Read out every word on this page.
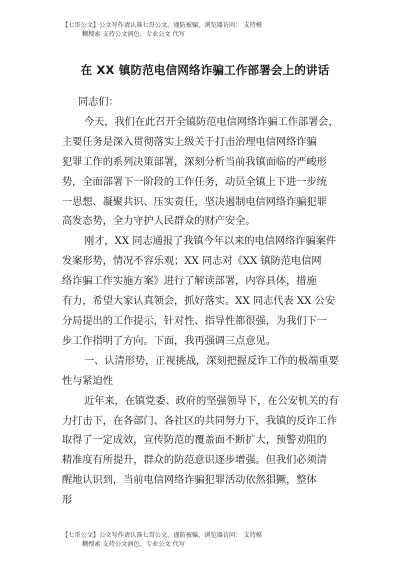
【七哥公文】公文写作请认准七哥公文，谨防被骗，浏览器访问： 支持模
糊搜索 支持公文润色、专业公文 代写
在 XX 镇防范电信网络诈骗工作部署会上的讲话

同志们：

今天，我们在此召开全镇防范电信网络诈骗工作部署会，
主要任务是深入贯彻落实上级关于打击治理电信网络诈骗
犯罪工作的系列决策部署，深刻分析当前我镇面临的严峻形
势，全面部署下一阶段的工作任务，动员全镇上下进一步统
一思想、凝聚共识、压实责任，坚决遏制电信网络诈骗犯罪
高发态势，全力守护人民群众的财产安全。

刚才，XX 同志通报了我镇今年以来的电信网络诈骗案件
发案形势，情况不容乐观；XX 同志对《XX 镇防范电信网
络诈骗工作实施方案》进行了解读部署，内容具体，措施
有力，希望大家认真领会，抓好落实。XX 同志代表 XX 公安
分局提出的工作提示，针对性、指导性都很强，为我们下一
步工作指明了方向。下面，我再强调三点意见。

一、认清形势，正视挑战，深刻把握反诈工作的极端重要
性与紧迫性

近年来，在镇党委、政府的坚强领导下，在公安机关的有
力打击下，在各部门、各社区的共同努力下，我镇的反诈工作
取得了一定成效，宣传防范的覆盖面不断扩大，预警劝阻的
精准度有所提升，群众的防范意识逐步增强。但我们必须清
醒地认识到，当前电信网络诈骗犯罪活动依然猖獗，整体
形

【七哥公文】公文写作请认准七哥公文，谨防被骗，浏览器访问： 支持模
糊搜索 支持公文润色、专业公文 代写
